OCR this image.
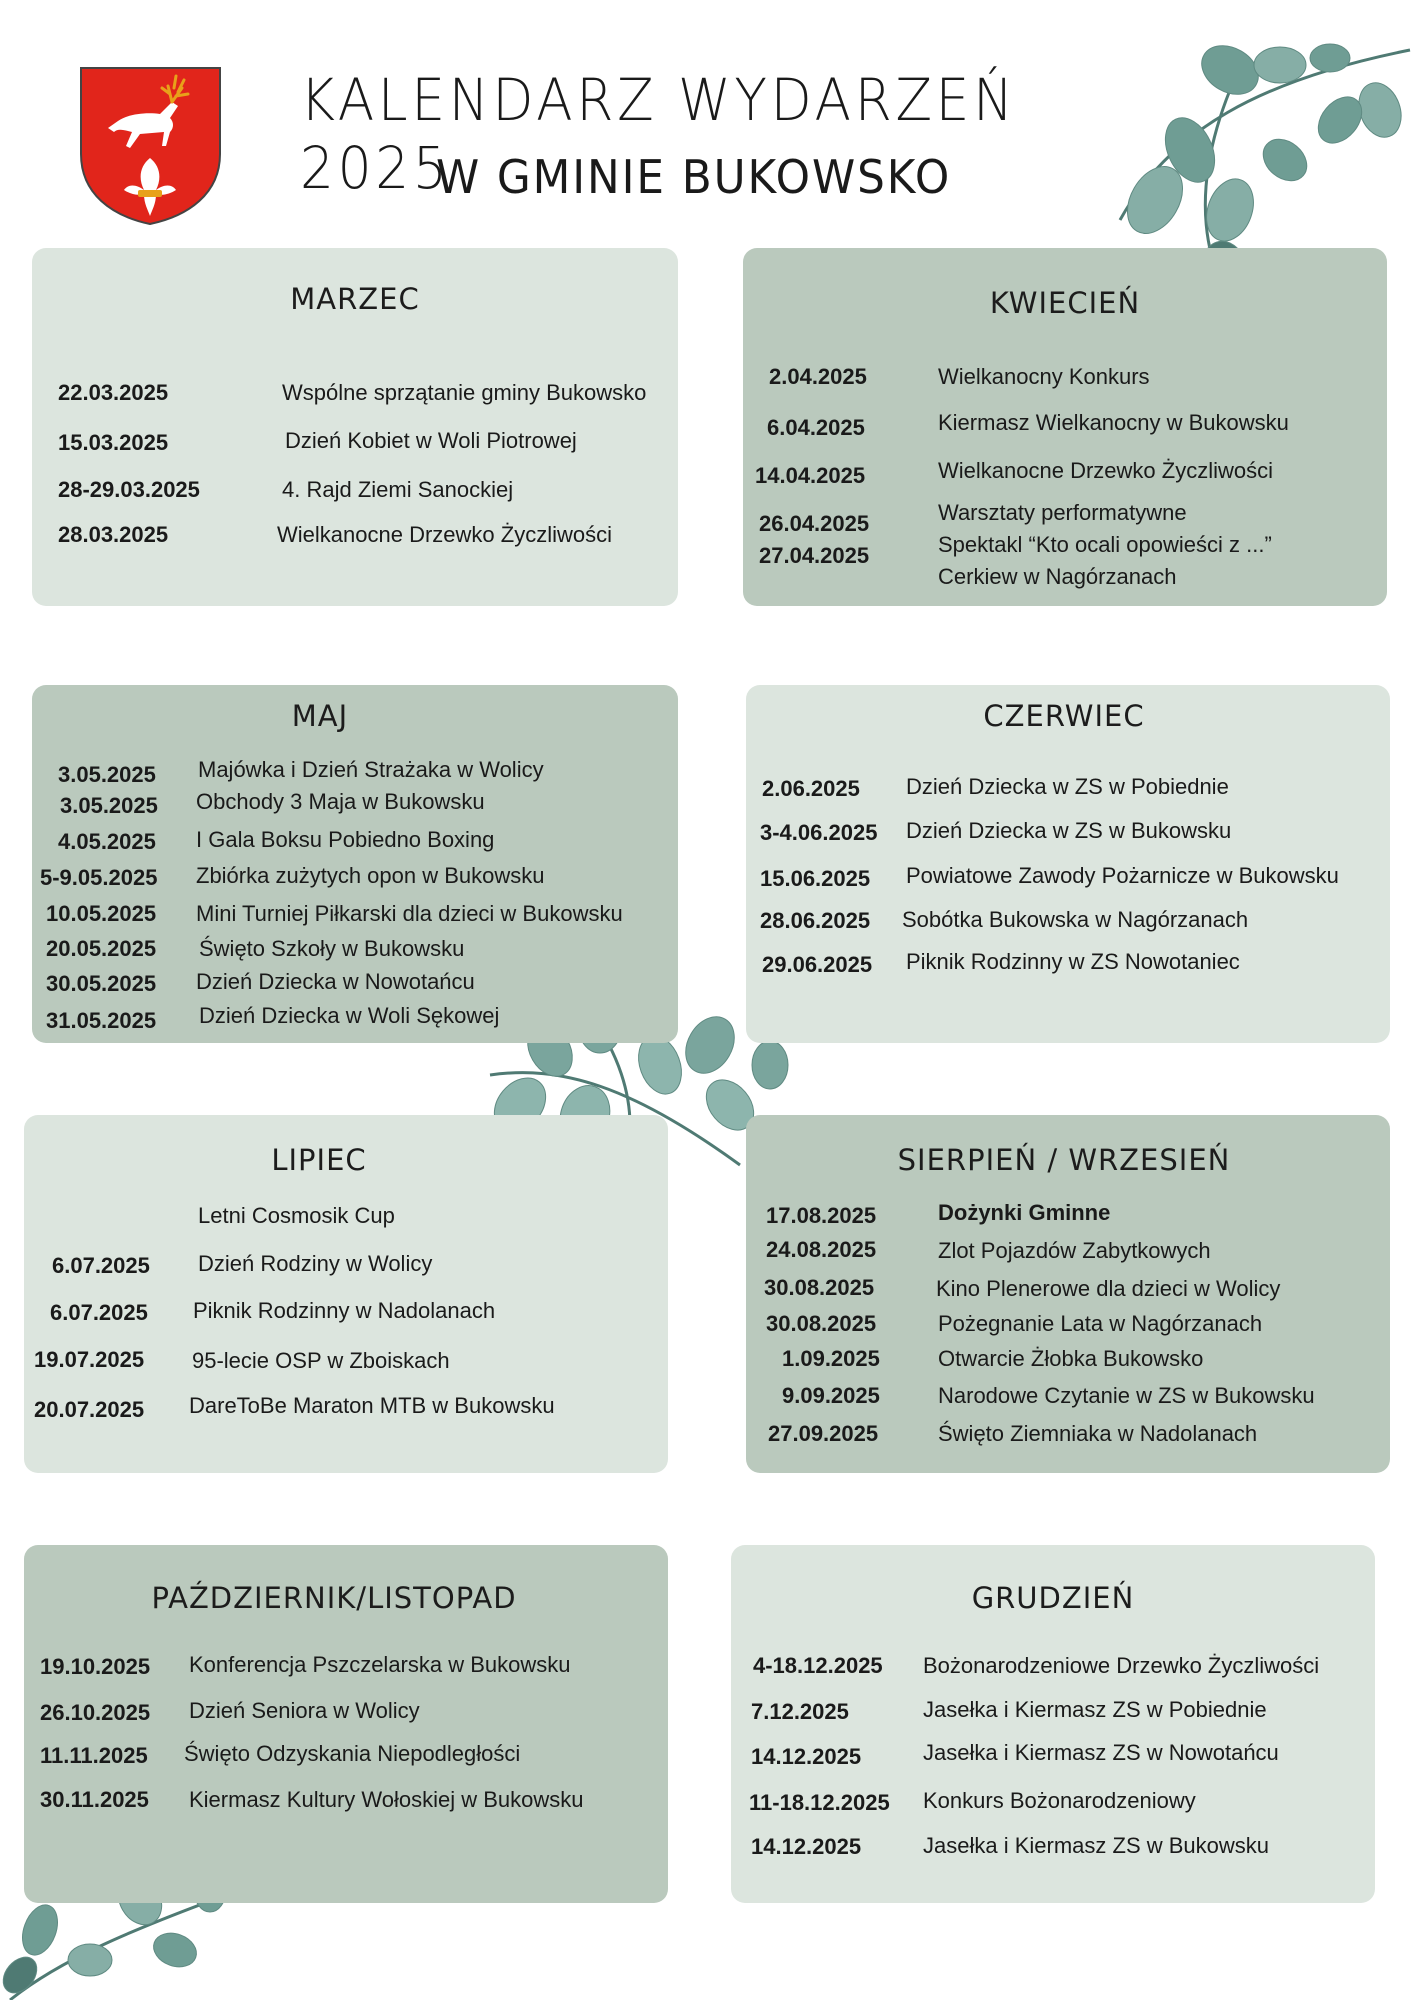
KALENDARZ WYDARZEŃ 2025
W GMINIE BUKOWSKO
MARZEC
22.03.2025	Wspólne sprzątanie gminy Bukowsko
15.03.2025	Dzień Kobiet w Woli Piotrowej
28-29.03.2025	4. Rajd Ziemi Sanockiej
28.03.2025	Wielkanocne Drzewko Życzliwości
KWIECIEŃ
2.04.2025	Wielkanocny Konkurs
6.04.2025	Kiermasz Wielkanocny w Bukowsku
14.04.2025	Wielkanocne Drzewko Życzliwości
26.04.2025	Warsztaty performatywne
27.04.2025	Spektakl “Kto ocali opowieści z ...”
Cerkiew w Nagórzanach
MAJ
3.05.2025 Majówka i Dzień Strażaka w Wolicy
3.05.2025 Obchody 3 Maja w Bukowsku
4.05.2025 I Gala Boksu Pobiedno Boxing
5-9.05.2025 Zbiórka zużytych opon w Bukowsku
10.05.2025 Mini Turniej Piłkarski dla dzieci w Bukowsku
20.05.2025 Święto Szkoły w Bukowsku
30.05.2025 Dzień Dziecka w Nowotańcu
31.05.2025 Dzień Dziecka w Woli Sękowej
CZERWIEC
2.06.2025 Dzień Dziecka w ZS w Pobiednie
3-4.06.2025 Dzień Dziecka w ZS w Bukowsku
15.06.2025 Powiatowe Zawody Pożarnicze w Bukowsku
28.06.2025 Sobótka Bukowska w Nagórzanach
29.06.2025 Piknik Rodzinny w ZS Nowotaniec
LIPIEC
Letni Cosmosik Cup
6.07.2025 Dzień Rodziny w Wolicy
6.07.2025 Piknik Rodzinny w Nadolanach
19.07.2025 95-lecie OSP w Zboiskach
20.07.2025 DareToBe Maraton MTB w Bukowsku
SIERPIEŃ / WRZESIEŃ
17.08.2025	Dożynki Gminne
24.08.2025	Zlot Pojazdów Zabytkowych
30.08.2025	Kino Plenerowe dla dzieci w Wolicy
30.08.2025	Pożegnanie Lata w Nagórzanach
1.09.2025	Otwarcie Żłobka Bukowsko
9.09.2025	Narodowe Czytanie w ZS w Bukowsku
27.09.2025	Święto Ziemniaka w Nadolanach
PAŹDZIERNIK/LISTOPAD
19.10.2025 Konferencja Pszczelarska w Bukowsku
26.10.2025 Dzień Seniora w Wolicy
11.11.2025 Święto Odzyskania Niepodległości
30.11.2025 Kiermasz Kultury Wołoskiej w Bukowsku
GRUDZIEŃ
4-18.12.2025 Bożonarodzeniowe Drzewko Życzliwości
7.12.2025	Jasełka i Kiermasz ZS w Pobiednie
14.12.2025	Jasełka i Kiermasz ZS w Nowotańcu
11-18.12.2025 Konkurs Bożonarodzeniowy
14.12.2025	Jasełka i Kiermasz ZS w Bukowsku
